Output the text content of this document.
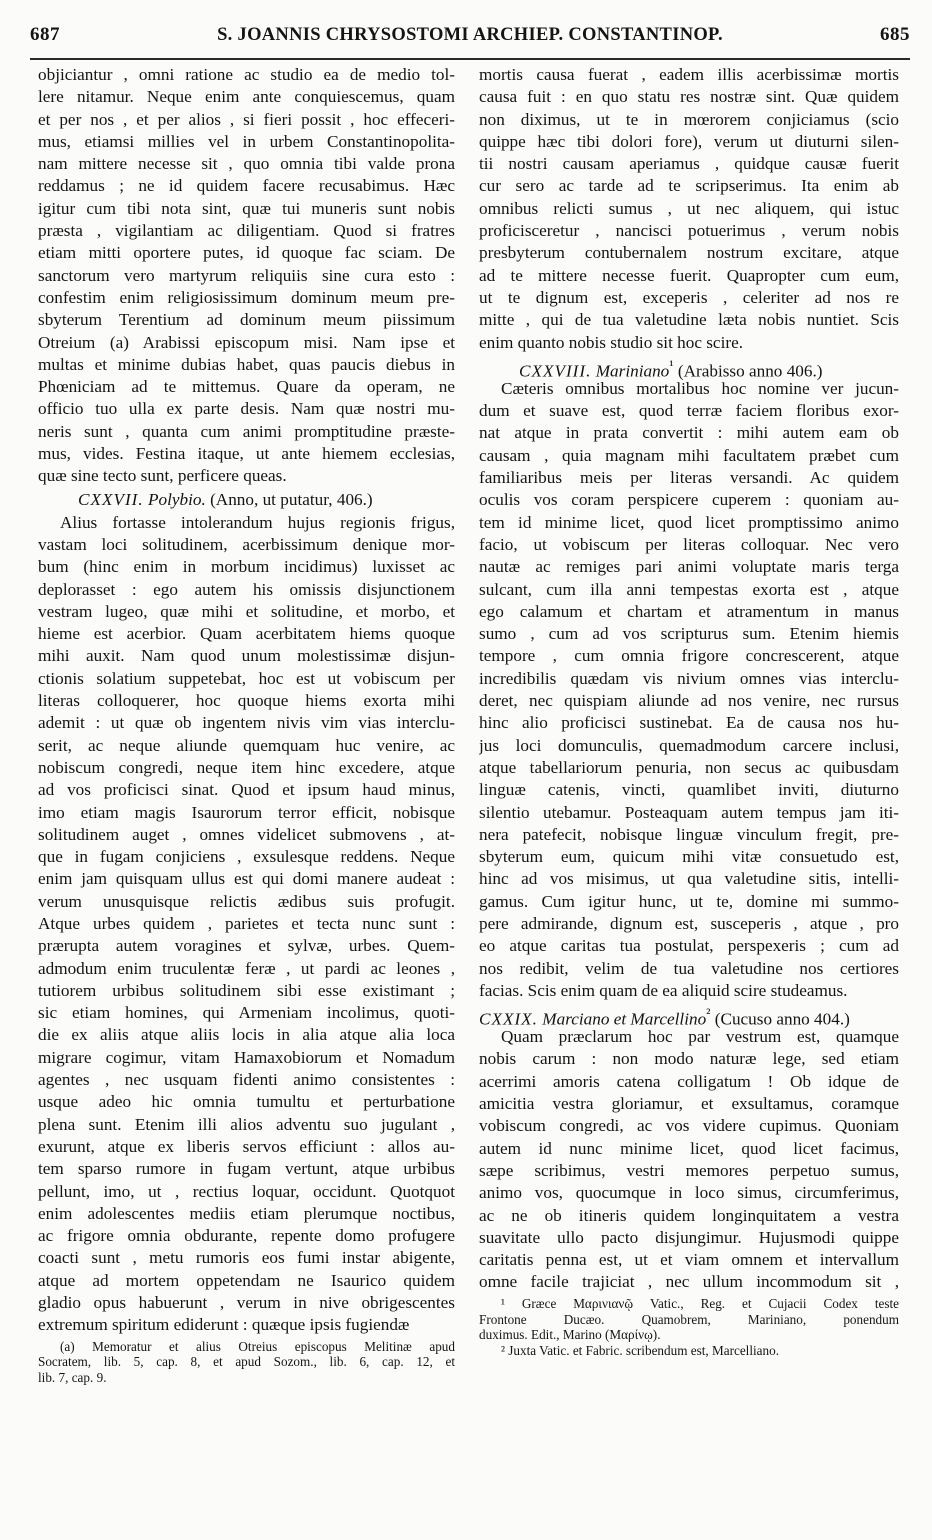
687	S. JOANNIS CHRYSOSTOMI ARCHIEP. CONSTANTINOP.	685
objiciantur , omni ratione ac studio ea de medio tol-
lere nitamur. Neque enim ante conquiescemus, quam
et per nos , et per alios , si fieri possit , hoc effeceri-
mus, etiamsi millies vel in urbem Constantinopolita-
nam mittere necesse sit , quo omnia tibi valde prona
reddamus ; ne id quidem facere recusabimus. Hæc
igitur cum tibi nota sint, quæ tui muneris sunt nobis
præsta , vigilantiam ac diligentiam. Quod si fratres
etiam mitti oportere putes, id quoque fac sciam. De
sanctorum vero martyrum reliquiis sine cura esto :
confestim enim religiosissimum dominum meum pre-
sbyterum Terentium ad dominum meum piissimum
Otreium (a) Arabissi episcopum misi. Nam ipse et
multas et minime dubias habet, quas paucis diebus in
Phœniciam ad te mittemus. Quare da operam, ne
officio tuo ulla ex parte desis. Nam quæ nostri mu-
neris sunt , quanta cum animi promptitudine præste-
mus, vides. Festina itaque, ut ante hiemem ecclesias,
quæ sine tecto sunt, perficere queas.
CXXVII. Polybio. (Anno, ut putatur, 406.)
Alius fortasse intolerandum hujus regionis frigus,
vastam loci solitudinem, acerbissimum denique mor-
bum (hinc enim in morbum incidimus) luxisset ac
deplorasset : ego autem his omissis disjunctionem
vestram lugeo, quæ mihi et solitudine, et morbo, et
hieme est acerbior. Quam acerbitatem hiems quoque
mihi auxit. Nam quod unum molestissimæ disjun-
ctionis solatium suppetebat, hoc est ut vobiscum per
literas colloquerer, hoc quoque hiems exorta mihi
ademit : ut quæ ob ingentem nivis vim vias interclu-
serit, ac neque aliunde quemquam huc venire, ac
nobiscum congredi, neque item hinc excedere, atque
ad vos proficisci sinat. Quod et ipsum haud minus,
imo etiam magis Isaurorum terror efficit, nobisque
solitudinem auget , omnes videlicet submovens , at-
que in fugam conjiciens , exsulesque reddens. Neque
enim jam quisquam ullus est qui domi manere audeat :
verum unusquisque relictis ædibus suis profugit.
Atque urbes quidem , parietes et tecta nunc sunt :
prærupta autem voragines et sylvæ, urbes. Quem-
admodum enim truculentæ feræ , ut pardi ac leones ,
tutiorem urbibus solitudinem sibi esse existimant ;
sic etiam homines, qui Armeniam incolimus, quoti-
die ex aliis atque aliis locis in alia atque alia loca
migrare cogimur, vitam Hamaxobiorum et Nomadum
agentes , nec usquam fidenti animo consistentes :
usque adeo hic omnia tumultu et perturbatione
plena sunt. Etenim illi alios adventu suo jugulant ,
exurunt, atque ex liberis servos efficiunt : allos au-
tem sparso rumore in fugam vertunt, atque urbibus
pellunt, imo, ut , rectius loquar, occidunt. Quotquot
enim adolescentes mediis etiam plerumque noctibus,
ac frigore omnia obdurante, repente domo profugere
coacti sunt , metu rumoris eos fumi instar abigente,
atque ad mortem oppetendam ne Isaurico quidem
gladio opus habuerunt , verum in nive obrigescentes
extremum spiritum ediderunt : quæque ipsis fugiendæ
(a) Memoratur et alius Otreius episcopus Melitinæ apud
Socratem, lib. 5, cap. 8, et apud Sozom., lib. 6, cap. 12, et
lib. 7, cap. 9.
mortis causa fuerat , eadem illis acerbissimæ mortis
causa fuit : en quo statu res nostræ sint. Quæ quidem
non diximus, ut te in mœrorem conjiciamus (scio
quippe hæc tibi dolori fore), verum ut diuturni silen-
tii nostri causam aperiamus , quidque causæ fuerit
cur sero ac tarde ad te scripserimus. Ita enim ab
omnibus relicti sumus , ut nec aliquem, qui istuc
proficisceretur , nancisci potuerimus , verum nobis
presbyterum contubernalem nostrum excitare, atque
ad te mittere necesse fuerit. Quapropter cum eum,
ut te dignum est, exceperis , celeriter ad nos re
mitte , qui de tua valetudine læta nobis nuntiet. Scis
enim quanto nobis studio sit hoc scire.
CXXVIII. Mariniano$^{^1}$ (Arabisso anno 406.)
Cæteris omnibus mortalibus hoc nomine ver jucun-
dum et suave est, quod terræ faciem floribus exor-
nat atque in prata convertit : mihi autem eam ob
causam , quia magnam mihi facultatem præbet cum
familiaribus meis per literas versandi. Ac quidem
oculis vos coram perspicere cuperem : quoniam au-
tem id minime licet, quod licet promptissimo animo
facio, ut vobiscum per literas colloquar. Nec vero
nautæ ac remiges pari animi voluptate maris terga
sulcant, cum illa anni tempestas exorta est , atque
ego calamum et chartam et atramentum in manus
sumo , cum ad vos scripturus sum. Etenim hiemis
tempore , cum omnia frigore concrescerent, atque
incredibilis quædam vis nivium omnes vias interclu-
deret, nec quispiam aliunde ad nos venire, nec rursus
hinc alio proficisci sustinebat. Ea de causa nos hu-
jus loci domunculis, quemadmodum carcere inclusi,
atque tabellariorum penuria, non secus ac quibusdam
linguæ catenis, vincti, quamlibet inviti, diuturno
silentio utebamur. Posteaquam autem tempus jam iti-
nera patefecit, nobisque linguæ vinculum fregit, pre-
sbyterum eum, quicum mihi vitæ consuetudo est,
hinc ad vos misimus, ut qua valetudine sitis, intelli-
gamus. Cum igitur hunc, ut te, domine mi summo-
pere admirande, dignum est, susceperis , atque , pro
eo atque caritas tua postulat, perspexeris ; cum ad
nos redibit, velim de tua valetudine nos certiores
facias. Scis enim quam de ea aliquid scire studeamus.
CXXIX. Marciano et Marcellino$^{^2}$ (Cucuso anno 404.)
Quam præclarum hoc par vestrum est, quamque
nobis carum : non modo naturæ lege, sed etiam
acerrimi amoris catena colligatum ! Ob idque de
amicitia vestra gloriamur, et exsultamus, coramque
vobiscum congredi, ac vos videre cupimus. Quoniam
autem id nunc minime licet, quod licet facimus,
sæpe scribimus, vestri memores perpetuo sumus,
animo vos, quocumque in loco simus, circumferimus,
ac ne ob itineris quidem longinquitatem a vestra
suavitate ullo pacto disjungimur. Hujusmodi quippe
caritatis penna est, ut et viam omnem et intervallum
omne facile trajiciat , nec ullum incommodum sit ,
¹ Græce Μαρινιανῷ Vatic., Reg. et Cujacii Codex teste
Frontone Ducæo. Quamobrem, Mariniano, ponendum
duximus. Edit., Marino (Μαρίνῳ).
² Juxta Vatic. et Fabric. scribendum est, Marcelliano.
